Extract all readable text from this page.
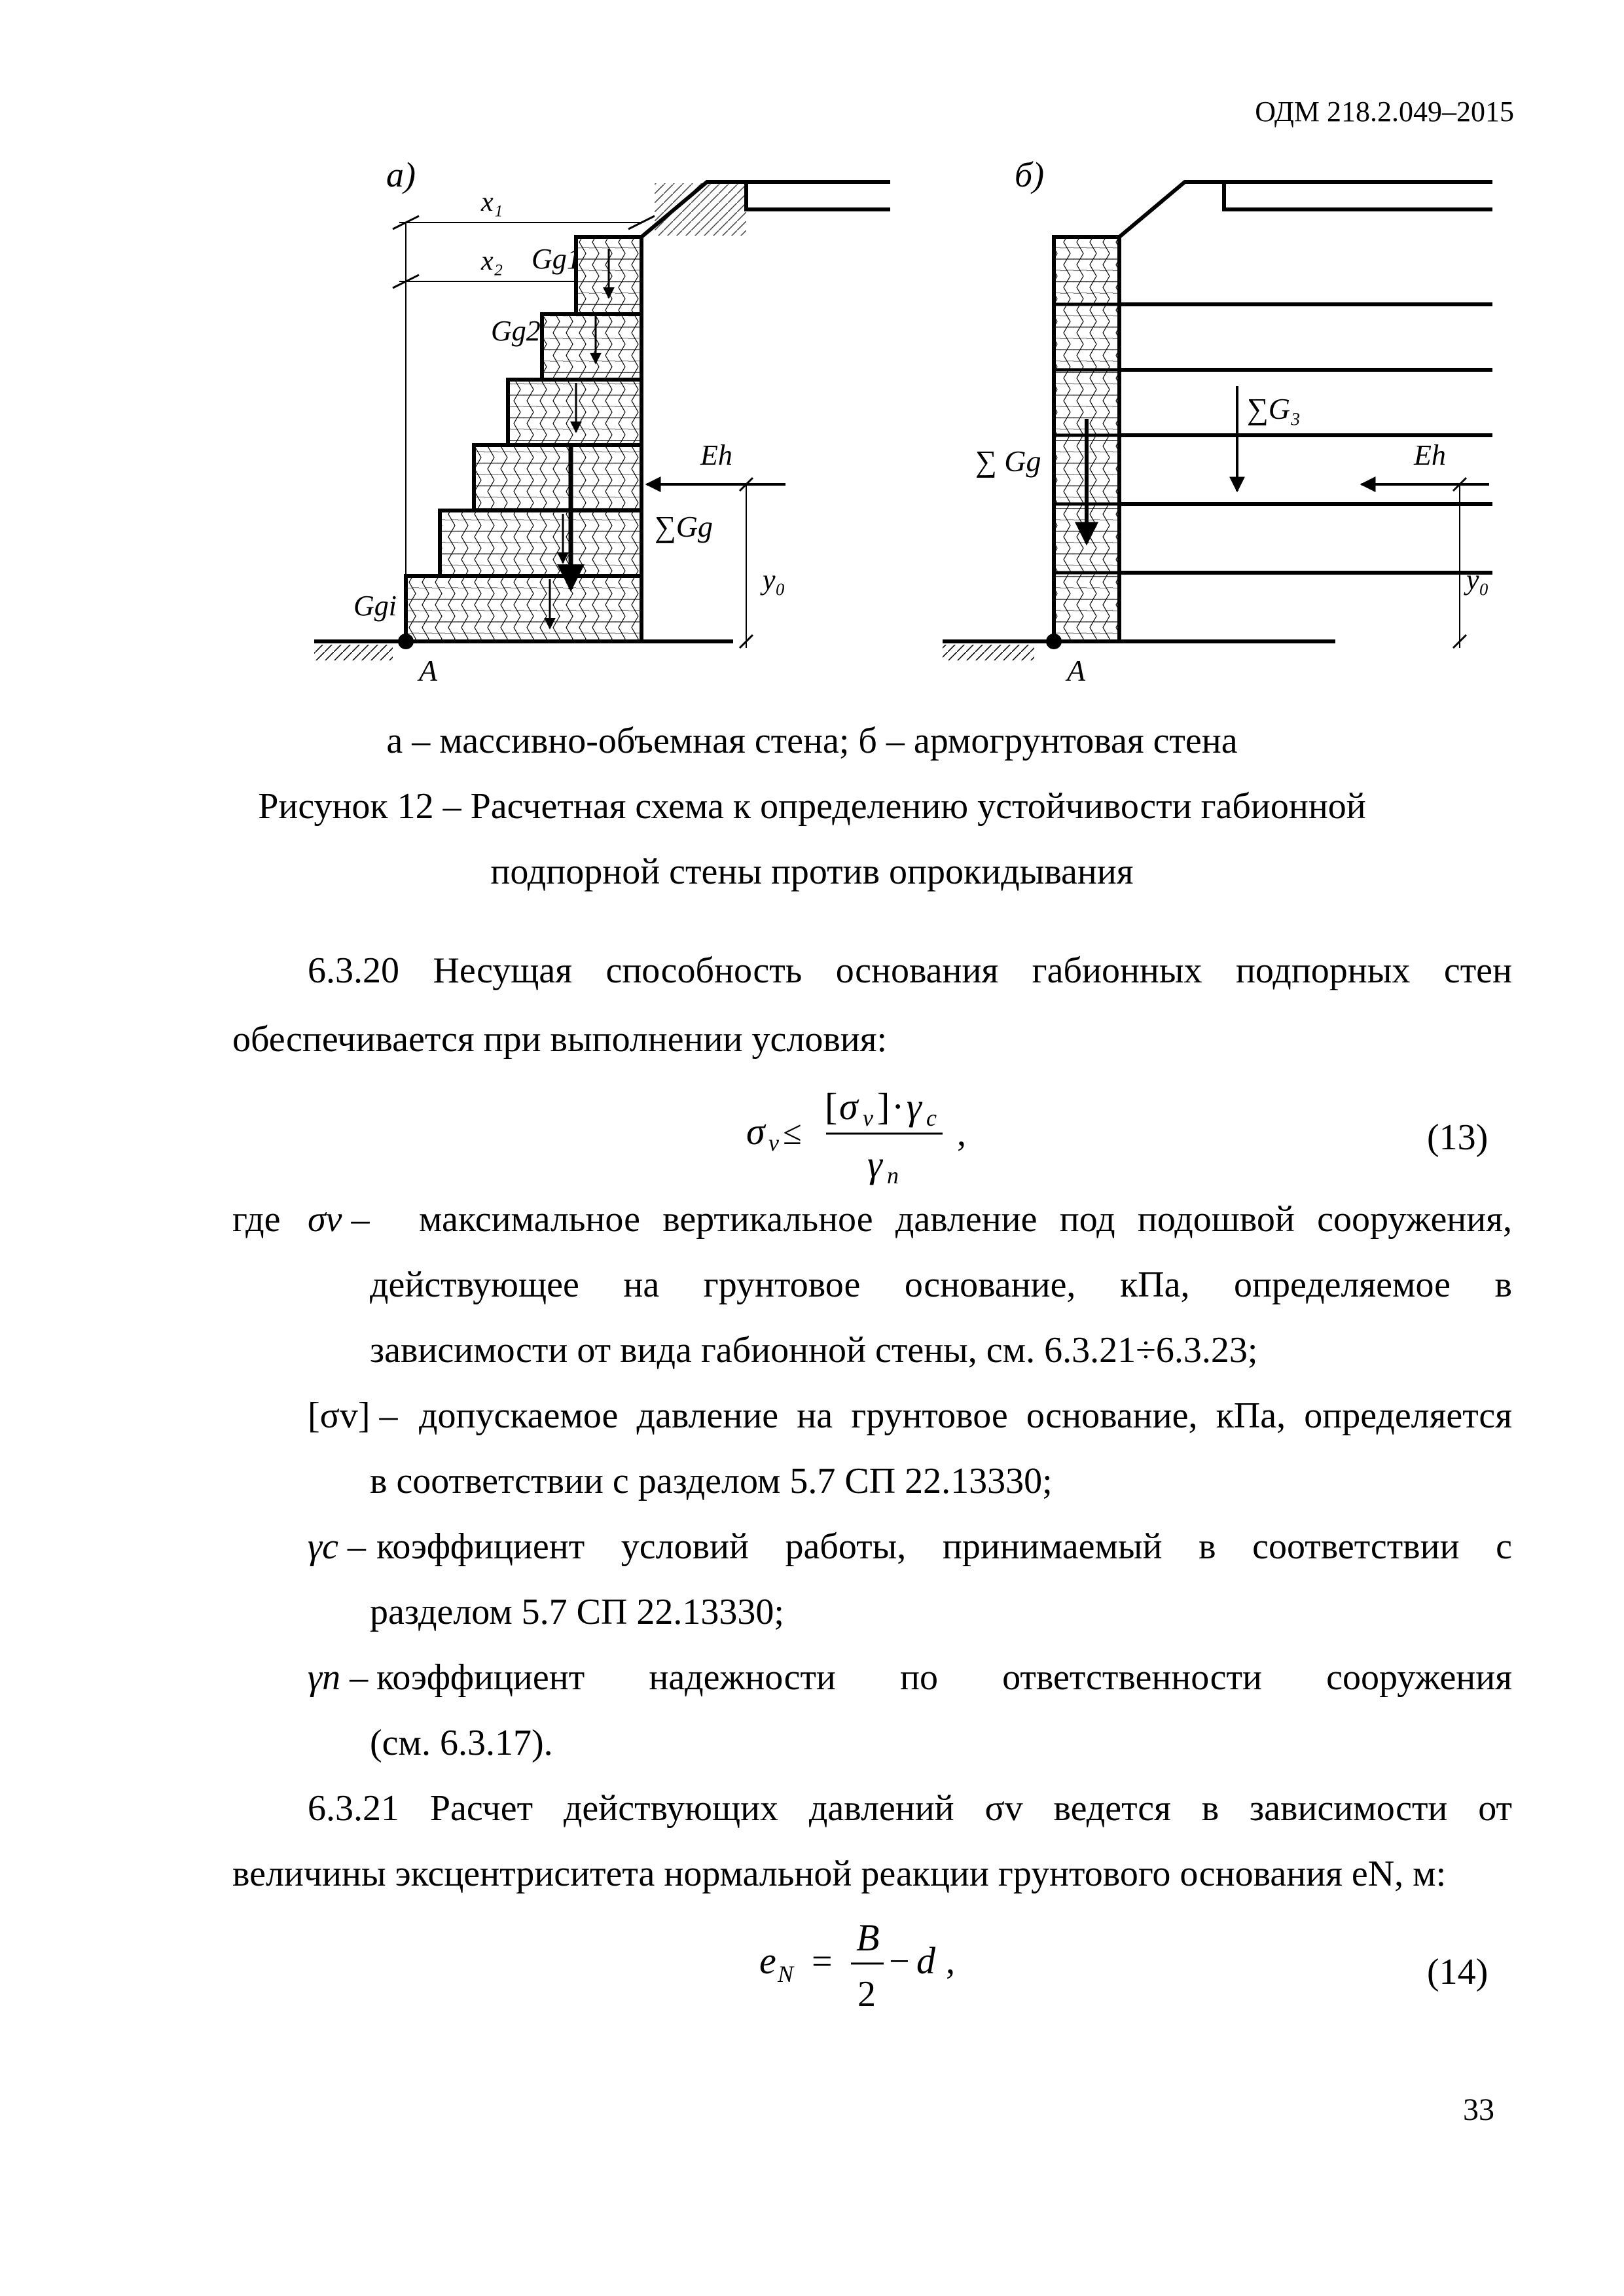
ОДМ 218.2.049–2015
а)
A
x₁
x₂ Gg1
Gg2
Ggi
∑Gg
Eh
y₀
б)
A
∑ Gg
∑G₃
Eh
y₀
а – массивно-объемная стена; б – армогрунтовая стена
Рисунок 12 – Расчетная схема к определению устойчивости габионной
подпорной стены против опрокидывания
6.3.20 Несущая способность основания габионных подпорных стен
обеспечивается при выполнении условия:
σ v ≤
[ σ v ] · γ c
γ n
,	(13)
где σv – максимальное вертикальное давление под подошвой сооружения,
действующее на грунтовое основание, кПа, определяемое в
зависимости от вида габионной стены, см. 6.3.21÷6.3.23;
[σv] – допускаемое давление на грунтовое основание, кПа, определяется
в соответствии с разделом 5.7 СП 22.13330;
γc – коэффициент условий работы, принимаемый в соответствии с
разделом 5.7 СП 22.13330;
γn – коэффициент надежности по ответственности сооружения
(см. 6.3.17).
6.3.21 Расчет действующих давлений σv ведется в зависимости от
величины эксцентриситета нормальной реакции грунтового основания eN, м:
e N =
B
2
− d ,	(14)
33
